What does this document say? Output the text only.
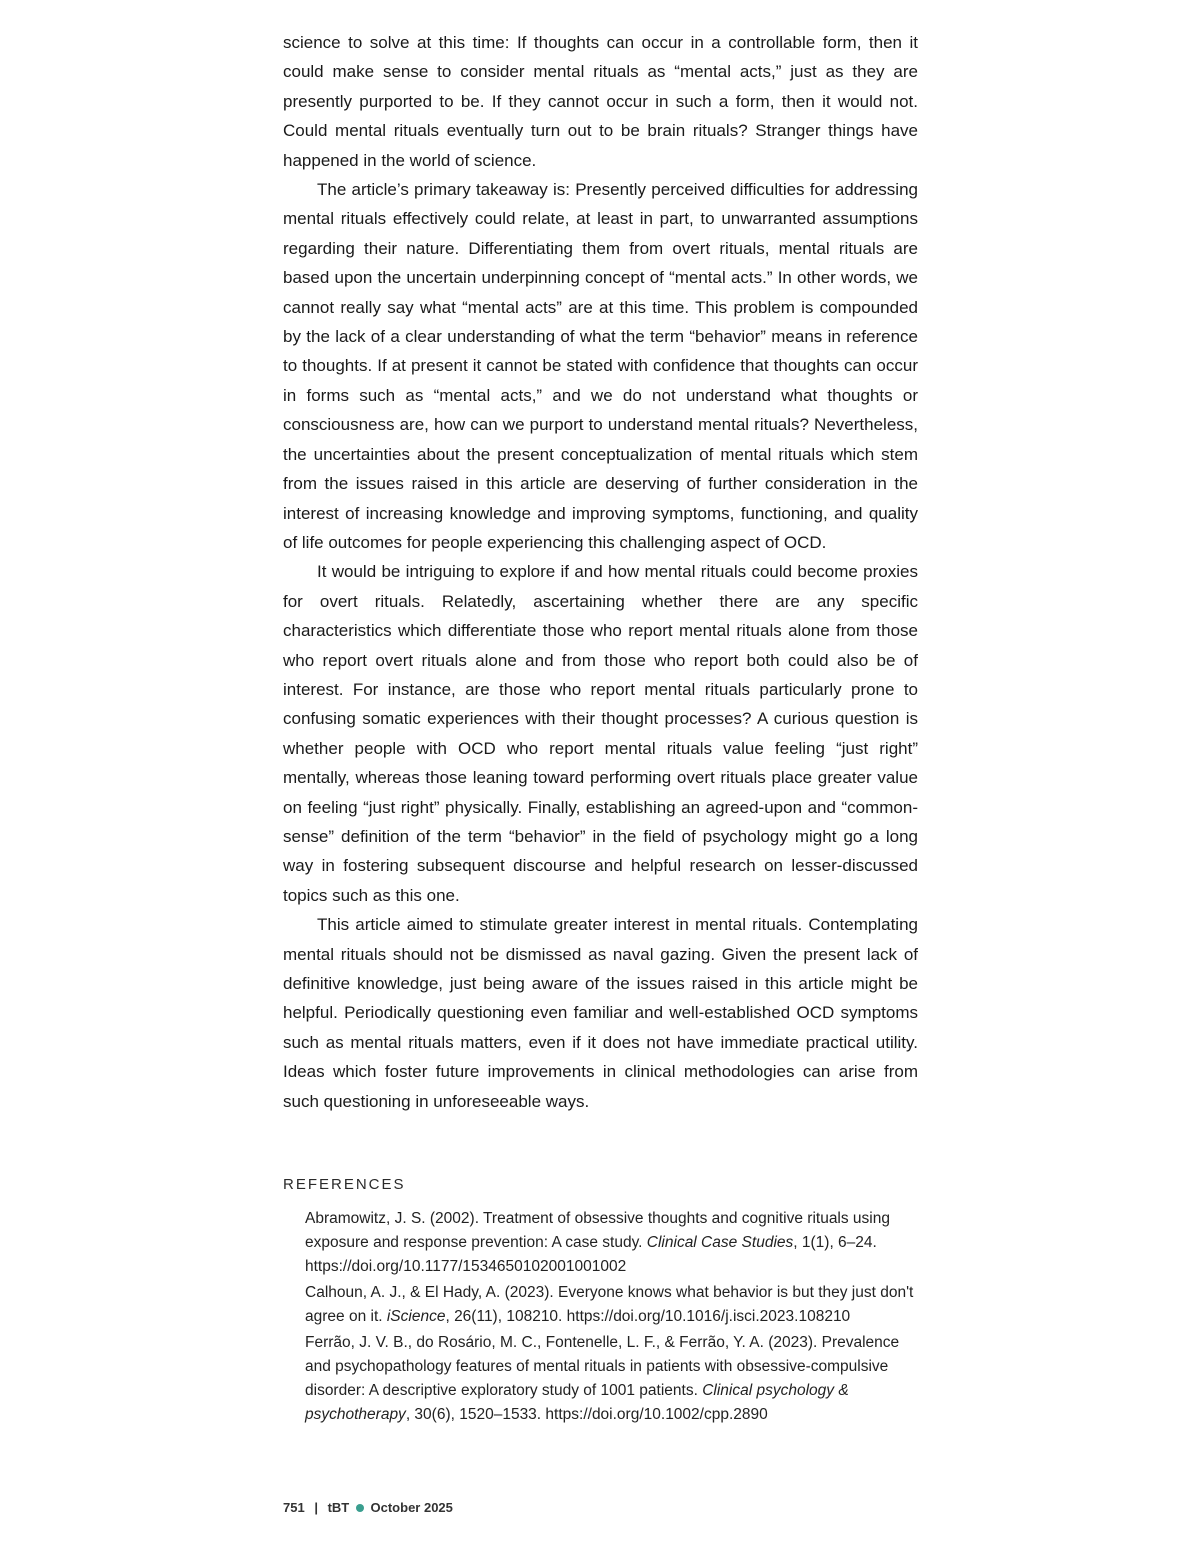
science to solve at this time: If thoughts can occur in a controllable form, then it could make sense to consider mental rituals as “mental acts,” just as they are presently purported to be. If they cannot occur in such a form, then it would not. Could mental rituals eventually turn out to be brain rituals? Stranger things have happened in the world of science.

The article’s primary takeaway is: Presently perceived difficulties for addressing mental rituals effectively could relate, at least in part, to unwarranted assumptions regarding their nature. Differentiating them from overt rituals, mental rituals are based upon the uncertain underpinning concept of “mental acts.” In other words, we cannot really say what “mental acts” are at this time. This problem is compounded by the lack of a clear understanding of what the term “behavior” means in reference to thoughts. If at present it cannot be stated with confidence that thoughts can occur in forms such as “mental acts,” and we do not understand what thoughts or consciousness are, how can we purport to understand mental rituals? Nevertheless, the uncertainties about the present conceptualization of mental rituals which stem from the issues raised in this article are deserving of further consideration in the interest of increasing knowledge and improving symptoms, functioning, and quality of life outcomes for people experiencing this challenging aspect of OCD.

It would be intriguing to explore if and how mental rituals could become proxies for overt rituals. Relatedly, ascertaining whether there are any specific characteristics which differentiate those who report mental rituals alone from those who report overt rituals alone and from those who report both could also be of interest. For instance, are those who report mental rituals particularly prone to confusing somatic experiences with their thought processes? A curious question is whether people with OCD who report mental rituals value feeling “just right” mentally, whereas those leaning toward performing overt rituals place greater value on feeling “just right” physically. Finally, establishing an agreed-upon and “common-sense” definition of the term “behavior” in the field of psychology might go a long way in fostering subsequent discourse and helpful research on lesser-discussed topics such as this one.

This article aimed to stimulate greater interest in mental rituals. Contemplating mental rituals should not be dismissed as naval gazing. Given the present lack of definitive knowledge, just being aware of the issues raised in this article might be helpful. Periodically questioning even familiar and well-established OCD symptoms such as mental rituals matters, even if it does not have immediate practical utility. Ideas which foster future improvements in clinical methodologies can arise from such questioning in unforeseeable ways.

REFERENCES
Abramowitz, J. S. (2002). Treatment of obsessive thoughts and cognitive rituals using exposure and response prevention: A case study. Clinical Case Studies, 1(1), 6–24. https://doi.org/10.1177/1534650102001001002
Calhoun, A. J., & El Hady, A. (2023). Everyone knows what behavior is but they just don't agree on it. iScience, 26(11), 108210. https://doi.org/10.1016/j.isci.2023.108210
Ferrão, J. V. B., do Rosário, M. C., Fontenelle, L. F., & Ferrão, Y. A. (2023). Prevalence and psychopathology features of mental rituals in patients with obsessive-compulsive disorder: A descriptive exploratory study of 1001 patients. Clinical psychology & psychotherapy, 30(6), 1520–1533. https://doi.org/10.1002/cpp.2890
751 | tBT October 2025
